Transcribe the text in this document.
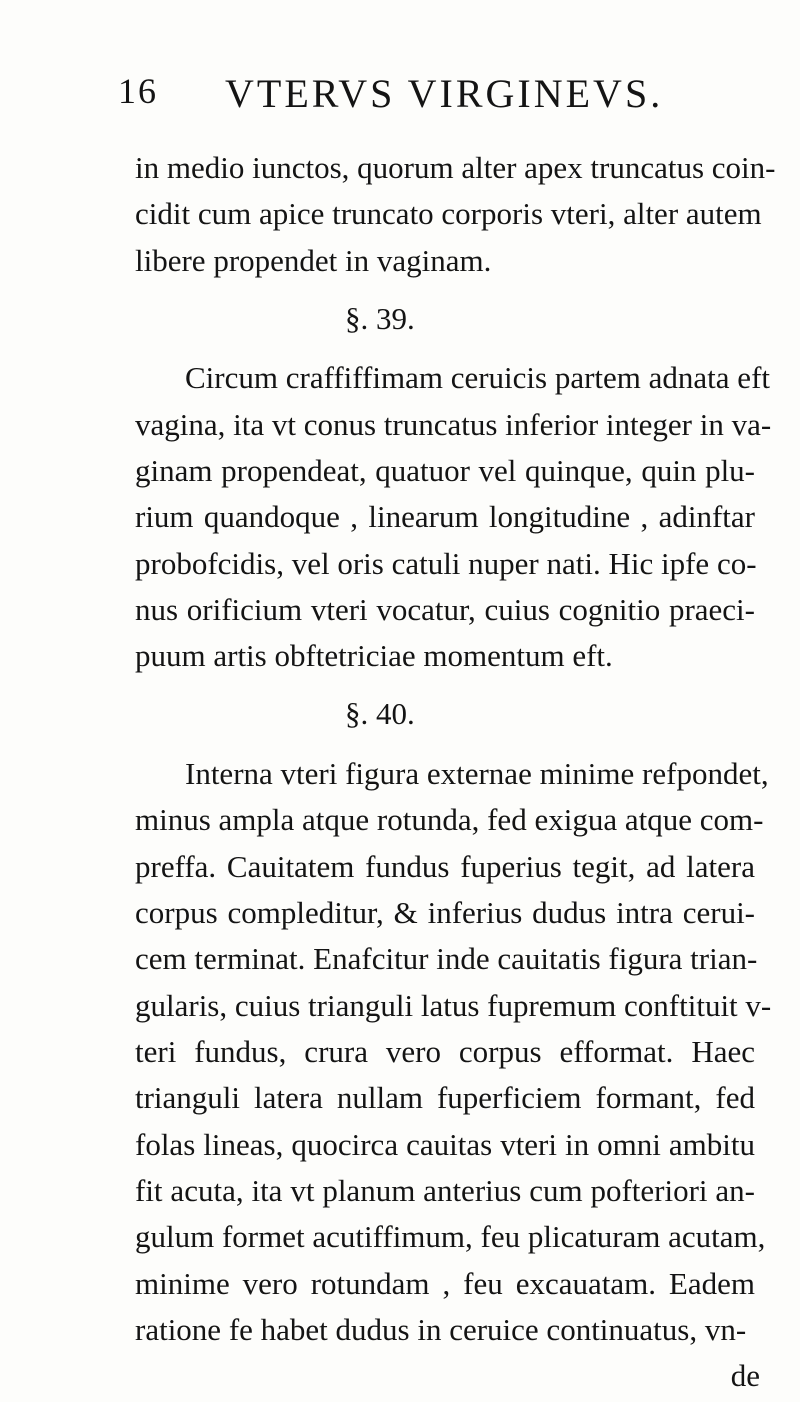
16 VTERVS VIRGINEVS.
in medio iunctos, quorum alter apex truncatus coin-
cidit cum apice truncato corporis vteri, alter autem
libere propendet in vaginam.
§. 39.
Circum craffiffimam ceruicis partem adnata eft
vagina, ita vt conus truncatus inferior integer in va-
ginam propendeat, quatuor vel quinque, quin plu-
rium quandoque , linearum longitudine , adinftar
probofcidis, vel oris catuli nuper nati. Hic ipfe co-
nus orificium vteri vocatur, cuius cognitio praeci-
puum artis obftetriciae momentum eft.
§. 40.
Interna vteri figura externae minime refpondet,
minus ampla atque rotunda, fed exigua atque com-
preffa. Cauitatem fundus fuperius tegit, ad latera
corpus compleditur, & inferius dudus intra cerui-
cem terminat. Enafcitur inde cauitatis figura trian-
gularis, cuius trianguli latus fupremum conftituit v-
teri fundus, crura vero corpus efformat. Haec
trianguli latera nullam fuperficiem formant, fed
folas lineas, quocirca cauitas vteri in omni ambitu
fit acuta, ita vt planum anterius cum pofteriori an-
gulum formet acutiffimum, feu plicaturam acutam,
minime vero rotundam , feu excauatam. Eadem
ratione fe habet dudus in ceruice continuatus, vn-
de
